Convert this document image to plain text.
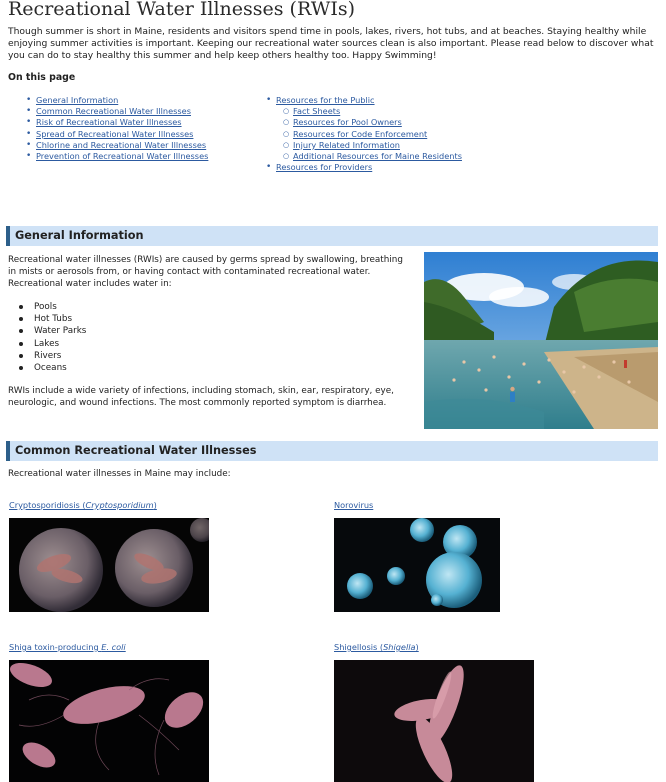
Recreational Water Illnesses (RWIs)

Though summer is short in Maine, residents and visitors spend time in pools, lakes, rivers, hot tubs, and at beaches. Staying healthy while enjoying summer activities is important. Keeping our recreational water sources clean is also important. Please read below to discover what you can do to stay healthy this summer and help keep others healthy too. Happy Swimming!

On this page

• General Information
• Common Recreational Water Illnesses
• Risk of Recreational Water Illnesses
• Spread of Recreational Water Illnesses
• Chlorine and Recreational Water Illnesses
• Prevention of Recreational Water Illnesses
• Resources for the Public
○ Fact Sheets
○ Resources for Pool Owners
○ Resources for Code Enforcement
○ Injury Related Information
○ Additional Resources for Maine Residents
• Resources for Providers
General Information

Recreational water illnesses (RWIs) are caused by germs spread by swallowing, breathing in mists or aerosols from, or having contact with contaminated recreational water. Recreational water includes water in:

Pools
Hot Tubs
Water Parks
Lakes
Rivers
Oceans

RWIs include a wide variety of infections, including stomach, skin, ear, respiratory, eye, neurologic, and wound infections. The most commonly reported symptom is diarrhea.

Common Recreational Water Illnesses

Recreational water illnesses in Maine may include:

Cryptosporidiosis (Cryptosporidium)	Norovirus
Shiga toxin-producing E. coli	Shigellosis (Shigella)
